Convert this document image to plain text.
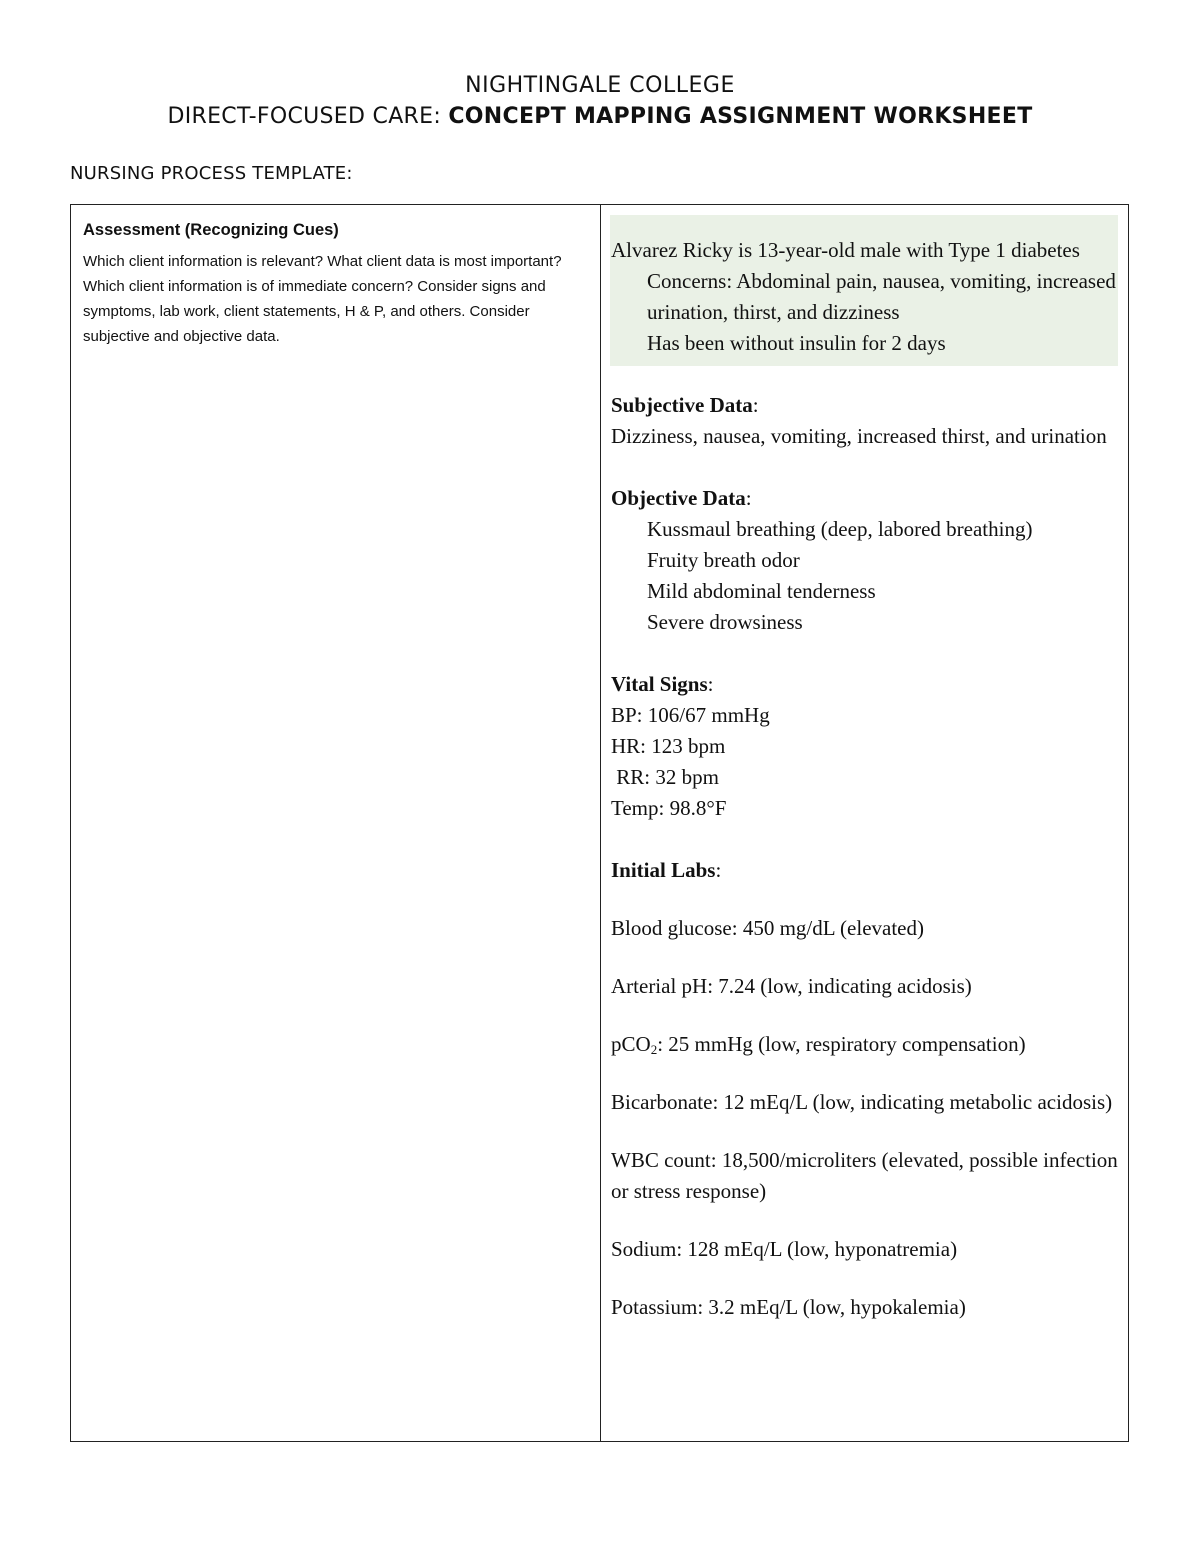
NIGHTINGALE COLLEGE
DIRECT-FOCUSED CARE: CONCEPT MAPPING ASSIGNMENT WORKSHEET
NURSING PROCESS TEMPLATE:
Assessment (Recognizing Cues)
Which client information is relevant? What client data is most important? Which client information is of immediate concern? Consider signs and symptoms, lab work, client statements, H & P, and others. Consider subjective and objective data.
Alvarez Ricky is 13-year-old male with Type 1 diabetes
Concerns: Abdominal pain, nausea, vomiting, increased urination, thirst, and dizziness
Has been without insulin for 2 days
Subjective Data:
Dizziness, nausea, vomiting, increased thirst, and urination
Objective Data:
Kussmaul breathing (deep, labored breathing)
Fruity breath odor
Mild abdominal tenderness
Severe drowsiness
Vital Signs:
BP: 106/67 mmHg
HR: 123 bpm
RR: 32 bpm
Temp: 98.8°F
Initial Labs:
Blood glucose: 450 mg/dL (elevated)
Arterial pH: 7.24 (low, indicating acidosis)
pCO$_2$: 25 mmHg (low, respiratory compensation)
Bicarbonate: 12 mEq/L (low, indicating metabolic acidosis)
WBC count: 18,500/microliters (elevated, possible infection or stress response)
Sodium: 128 mEq/L (low, hyponatremia)
Potassium: 3.2 mEq/L (low, hypokalemia)
